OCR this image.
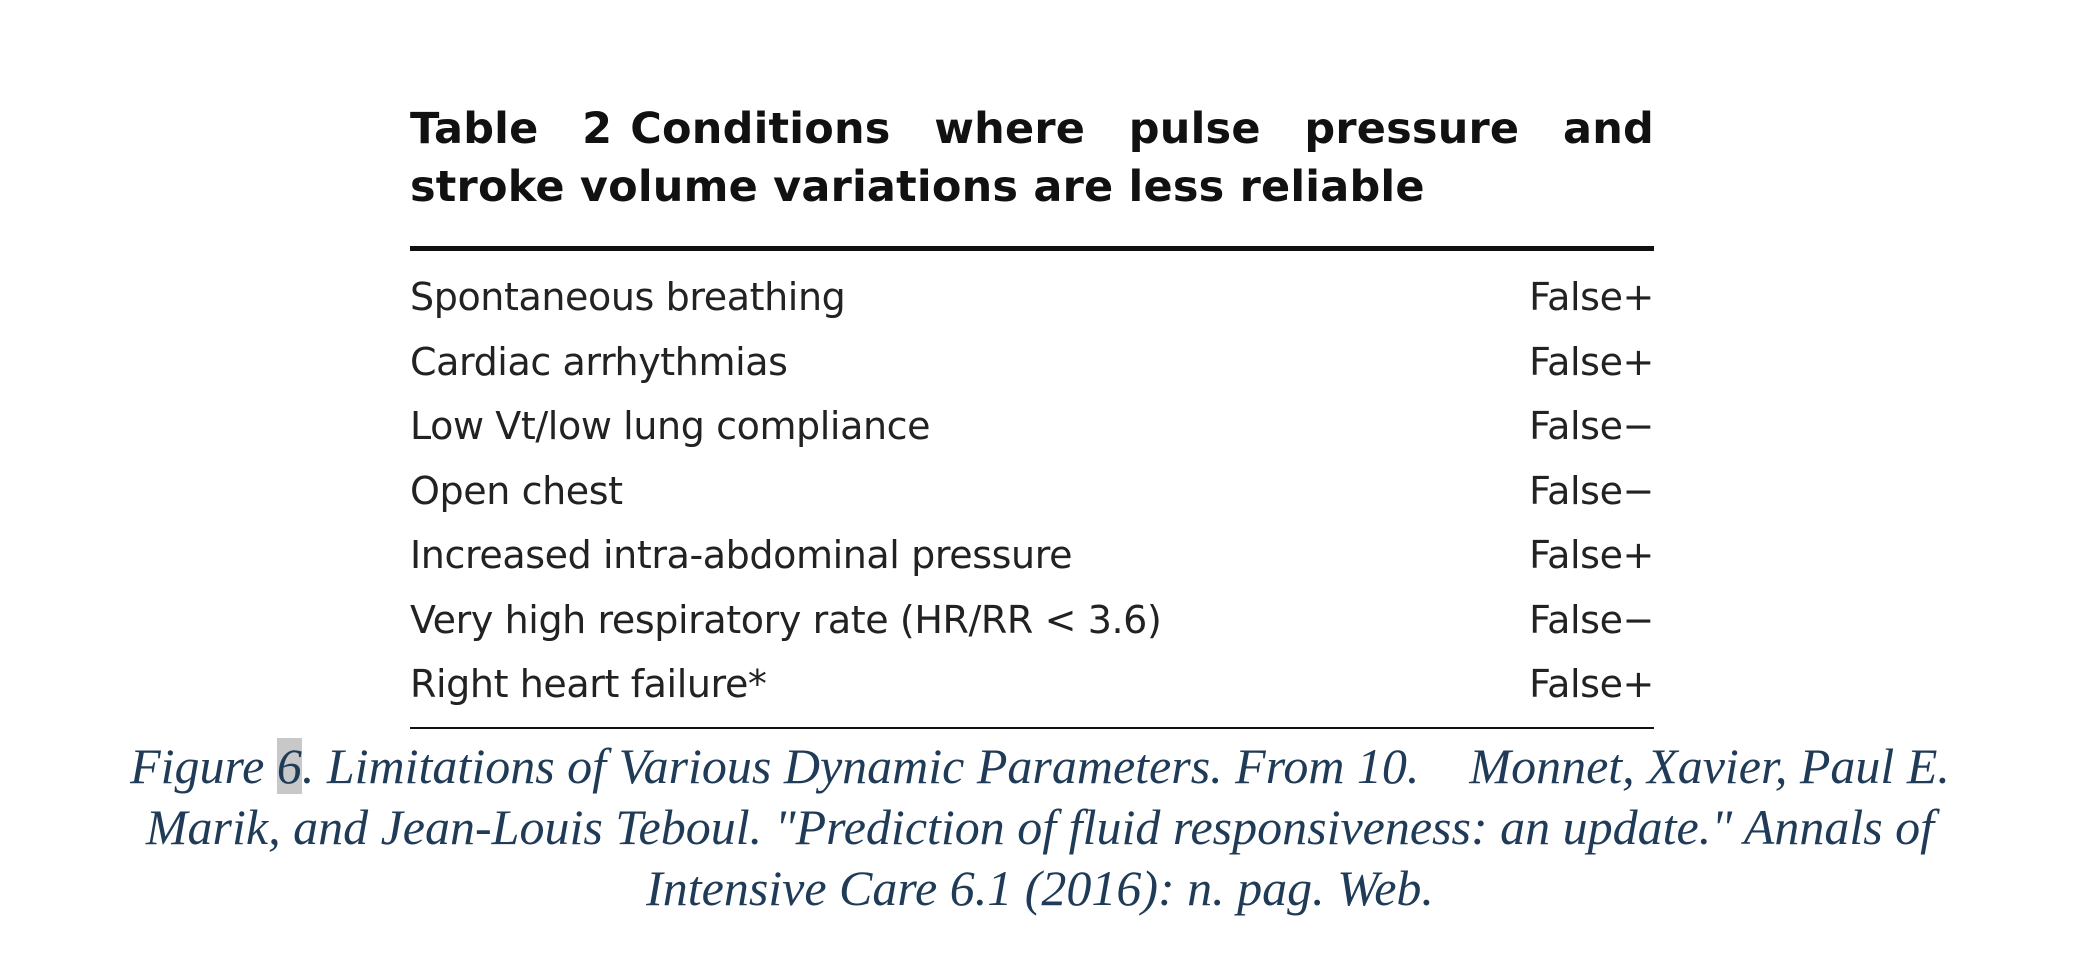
Table 2 Conditions where pulse pressure and stroke volume variations are less reliable
Spontaneous breathing	False+
Cardiac arrhythmias	False+
Low Vt/low lung compliance	False−
Open chest	False−
Increased intra-abdominal pressure	False+
Very high respiratory rate (HR/RR < 3.6)	False−
Right heart failure*	False+

Figure 6. Limitations of Various Dynamic Parameters. From 10.    Monnet, Xavier, Paul E. Marik, and Jean-Louis Teboul. "Prediction of fluid responsiveness: an update." Annals of Intensive Care 6.1 (2016): n. pag. Web.
